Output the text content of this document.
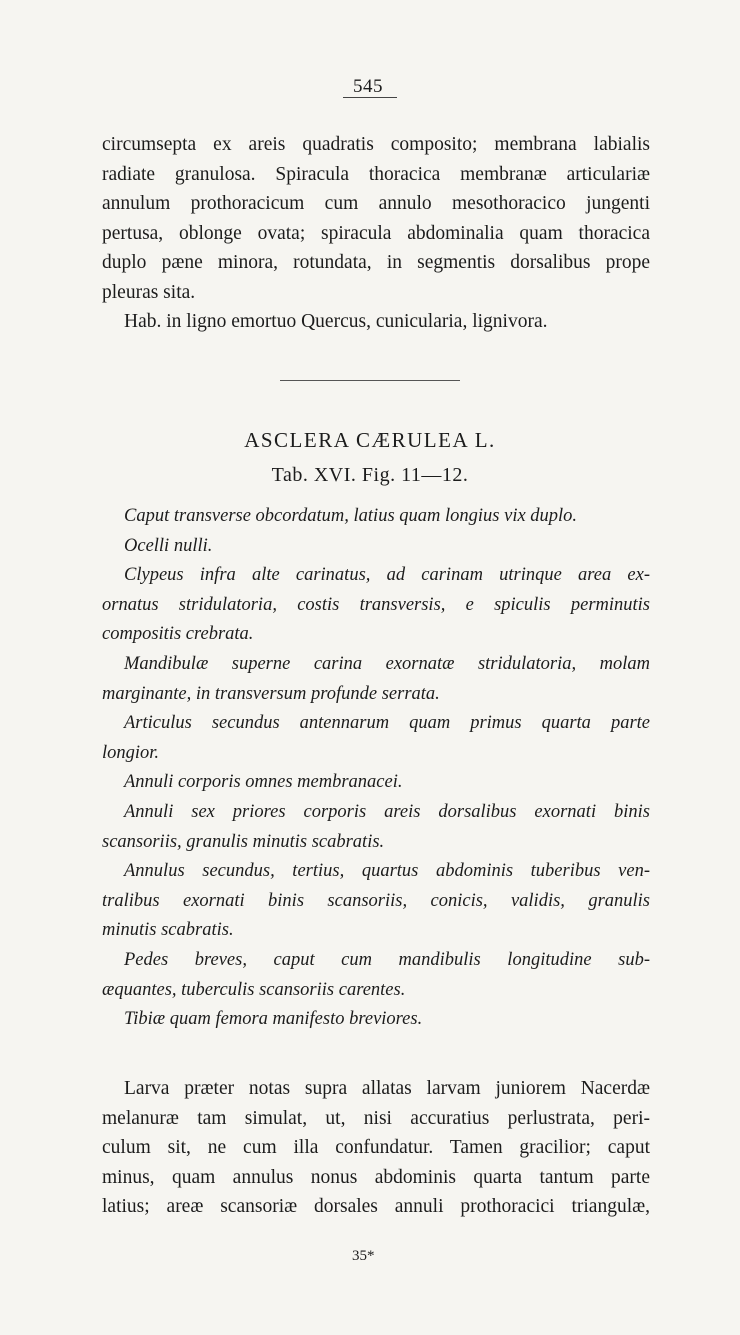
545
circumsepta ex areis quadratis composito; membrana labialis
radiate granulosa. Spiracula thoracica membranæ articulariæ
annulum prothoracicum cum annulo mesothoracico jungenti
pertusa, oblonge ovata; spiracula abdominalia quam thoracica
duplo pæne minora, rotundata, in segmentis dorsalibus prope
pleuras sita.
Hab. in ligno emortuo Quercus, cunicularia, lignivora.
ASCLERA CÆRULEA L.
Tab. XVI. Fig. 11—12.
Caput transverse obcordatum, latius quam longius vix duplo.
Ocelli nulli.
Clypeus infra alte carinatus, ad carinam utrinque area ex-
ornatus stridulatoria, costis transversis, e spiculis perminutis
compositis crebrata.
Mandibulæ superne carina exornatæ stridulatoria, molam
marginante, in transversum profunde serrata.
Articulus secundus antennarum quam primus quarta parte
longior.
Annuli corporis omnes membranacei.
Annuli sex priores corporis areis dorsalibus exornati binis
scansoriis, granulis minutis scabratis.
Annulus secundus, tertius, quartus abdominis tuberibus ven-
tralibus exornati binis scansoriis, conicis, validis, granulis
minutis scabratis.
Pedes breves, caput cum mandibulis longitudine sub-
æquantes, tuberculis scansoriis carentes.
Tibiæ quam femora manifesto breviores.
Larva præter notas supra allatas larvam juniorem Nacerdæ
melanuræ tam simulat, ut, nisi accuratius perlustrata, peri-
culum sit, ne cum illa confundatur. Tamen gracilior; caput
minus, quam annulus nonus abdominis quarta tantum parte
latius; areæ scansoriæ dorsales annuli prothoracici triangulæ,
35*
